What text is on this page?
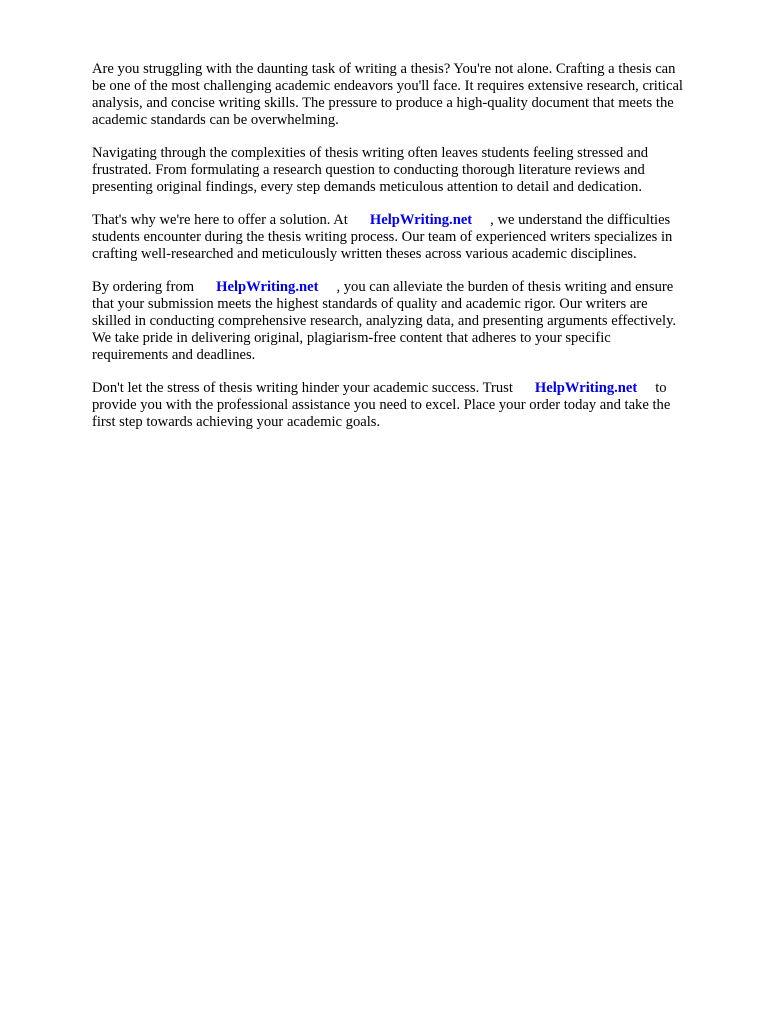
Are you struggling with the daunting task of writing a thesis? You're not alone. Crafting a thesis can
be one of the most challenging academic endeavors you'll face. It requires extensive research, critical
analysis, and concise writing skills. The pressure to produce a high-quality document that meets the
academic standards can be overwhelming.

Navigating through the complexities of thesis writing often leaves students feeling stressed and
frustrated. From formulating a research question to conducting thorough literature reviews and
presenting original findings, every step demands meticulous attention to detail and dedication.

That's why we're here to offer a solution. At HelpWriting.net , we understand the difficulties
students encounter during the thesis writing process. Our team of experienced writers specializes in
crafting well-researched and meticulously written theses across various academic disciplines.

By ordering from HelpWriting.net , you can alleviate the burden of thesis writing and ensure
that your submission meets the highest standards of quality and academic rigor. Our writers are
skilled in conducting comprehensive research, analyzing data, and presenting arguments effectively.
We take pride in delivering original, plagiarism-free content that adheres to your specific
requirements and deadlines.

Don't let the stress of thesis writing hinder your academic success. Trust HelpWriting.net to
provide you with the professional assistance you need to excel. Place your order today and take the
first step towards achieving your academic goals.
